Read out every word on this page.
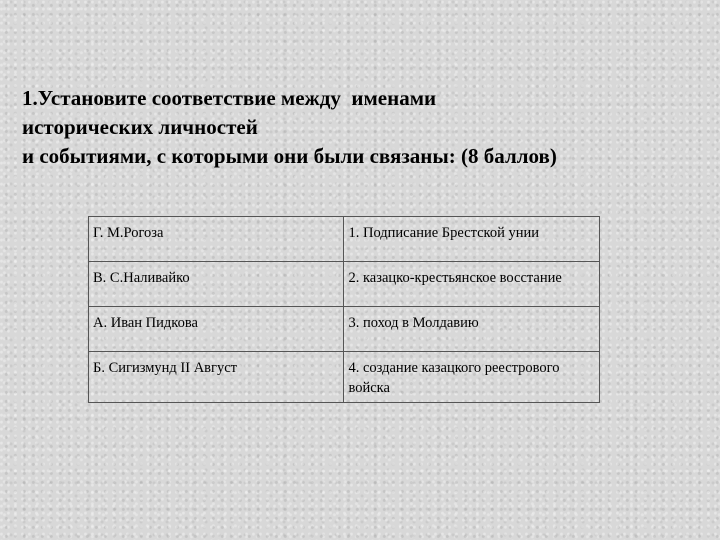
1.Установите соответствие между  именами
исторических личностей
и событиями, с которыми они были связаны: (8 баллов)
Г. М.Рогоза	1. Подписание Брестской унии
В. С.Наливайко	2. казацко-крестьянское восстание
А. Иван Пидкова	3. поход в Молдавию
Б. Сигизмунд II Август	4. создание казацкого реестрового войска
